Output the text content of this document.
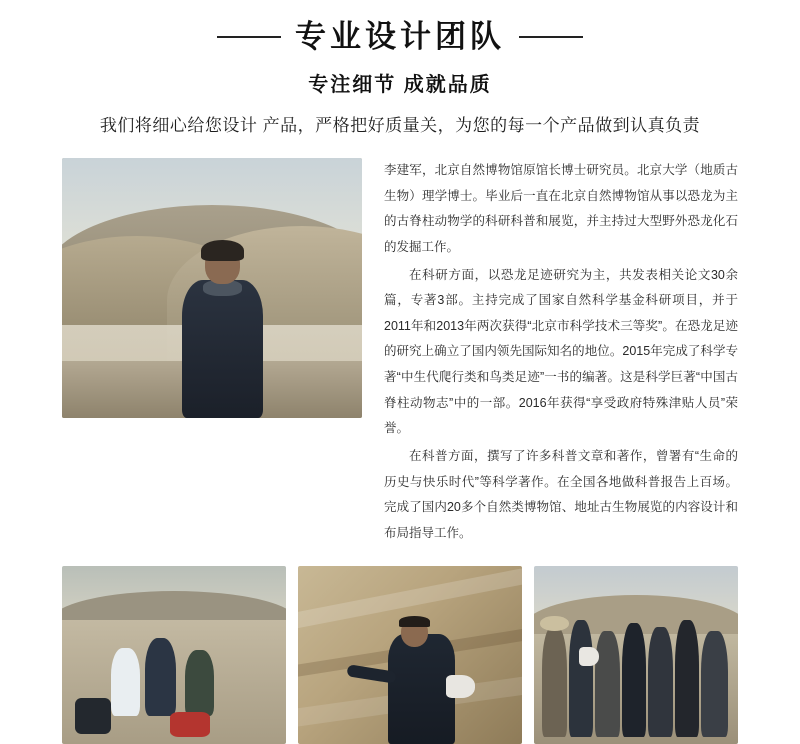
专业设计团队
专注细节 成就品质
我们将细心给您设计 产品，严格把好质量关，为您的每一个产品做到认真负责

李建军，北京自然博物馆原馆长博士研究员。北京大学（地质古生物）理学博士。毕业后一直在北京自然博物馆从事以恐龙为主的古脊柱动物学的科研科普和展览，并主持过大型野外恐龙化石的发掘工作。

在科研方面，以恐龙足迹研究为主，共发表相关论文30余篇，专著3部。主持完成了国家自然科学基金科研项目，并于2011年和2013年两次获得“北京市科学技术三等奖”。在恐龙足迹的研究上确立了国内领先国际知名的地位。2015年完成了科学专著“中生代爬行类和鸟类足迹”一书的编著。这是科学巨著“中国古脊柱动物志”中的一部。2016年获得“享受政府特殊津贴人员”荣誉。

在科普方面，撰写了许多科普文章和著作，曾署有“生命的历史与快乐时代”等科学著作。在全国各地做科普报告上百场。完成了国内20多个自然类博物馆、地址古生物展览的内容设计和布局指导工作。
